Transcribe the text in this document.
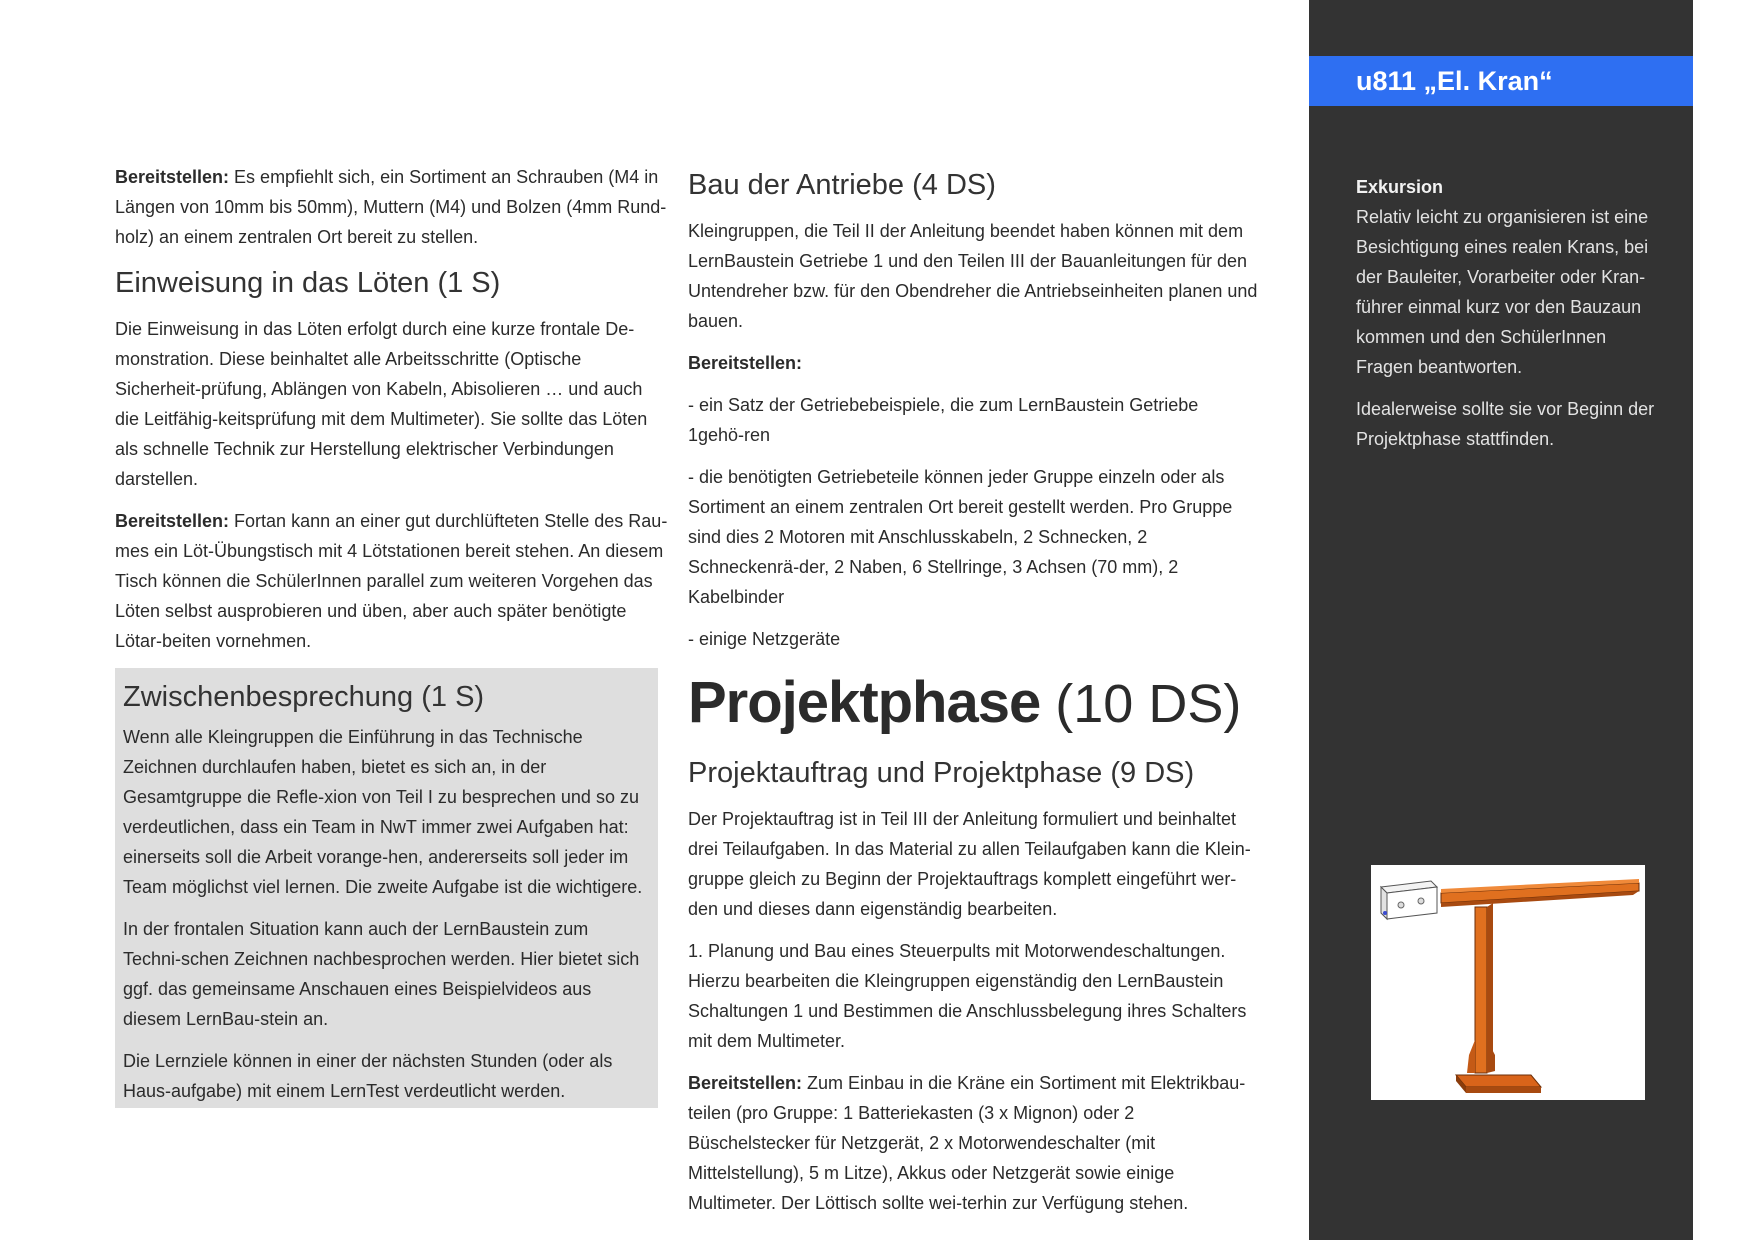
Bereitstellen: Es empfiehlt sich, ein Sortiment an Schrauben (M4 in Längen von 10mm bis 50mm), Muttern (M4) und Bolzen (4mm Rund-holz) an einem zentralen Ort bereit zu stellen.

Einweisung in das Löten (1 S)

Die Einweisung in das Löten erfolgt durch eine kurze frontale De-monstration. Diese beinhaltet alle Arbeitsschritte (Optische Sicherheit-prüfung, Ablängen von Kabeln, Abisolieren … und auch die Leitfähig-keitsprüfung mit dem Multimeter). Sie sollte das Löten als schnelle Technik zur Herstellung elektrischer Verbindungen darstellen.

Bereitstellen: Fortan kann an einer gut durchlüfteten Stelle des Rau-mes ein Löt-Übungstisch mit 4 Lötstationen bereit stehen. An diesem Tisch können die SchülerInnen parallel zum weiteren Vorgehen das Löten selbst ausprobieren und üben, aber auch später benötigte Lötar-beiten vornehmen.

Zwischenbesprechung (1 S)

Wenn alle Kleingruppen die Einführung in das Technische Zeichnen durchlaufen haben, bietet es sich an, in der Gesamtgruppe die Refle-xion von Teil I zu besprechen und so zu verdeutlichen, dass ein Team in NwT immer zwei Aufgaben hat: einerseits soll die Arbeit vorange-hen, andererseits soll jeder im Team möglichst viel lernen. Die zweite Aufgabe ist die wichtigere.

In der frontalen Situation kann auch der LernBaustein zum Techni-schen Zeichnen nachbesprochen werden. Hier bietet sich ggf. das gemeinsame Anschauen eines Beispielvideos aus diesem LernBau-stein an.

Die Lernziele können in einer der nächsten Stunden (oder als Haus-aufgabe) mit einem LernTest verdeutlicht werden.

Bau der Antriebe (4 DS)

Kleingruppen, die Teil II der Anleitung beendet haben können mit dem LernBaustein Getriebe 1 und den Teilen III der Bauanleitungen für den Untendreher bzw. für den Obendreher die Antriebseinheiten planen und bauen.

Bereitstellen:

- ein Satz der Getriebebeispiele, die zum LernBaustein Getriebe 1gehö-ren

- die benötigten Getriebeteile können jeder Gruppe einzeln oder als Sortiment an einem zentralen Ort bereit gestellt werden. Pro Gruppe sind dies 2 Motoren mit Anschlusskabeln, 2 Schnecken, 2 Schneckenrä-der, 2 Naben, 6 Stellringe, 3 Achsen (70 mm), 2 Kabelbinder

- einige Netzgeräte

Projektphase (10 DS)
Projektauftrag und Projektphase (9 DS)

Der Projektauftrag ist in Teil III der Anleitung formuliert und beinhaltet drei Teilaufgaben. In das Material zu allen Teilaufgaben kann die Klein-gruppe gleich zu Beginn der Projektauftrags komplett eingeführt wer-den und dieses dann eigenständig bearbeiten.

1. Planung und Bau eines Steuerpults mit Motorwendeschaltungen. Hierzu bearbeiten die Kleingruppen eigenständig den LernBaustein Schaltungen 1 und Bestimmen die Anschlussbelegung ihres Schalters mit dem Multimeter.

Bereitstellen: Zum Einbau in die Kräne ein Sortiment mit Elektrikbau-teilen (pro Gruppe: 1 Batteriekasten (3 x Mignon) oder 2 Büschelstecker für Netzgerät, 2 x Motorwendeschalter (mit Mittelstellung), 5 m Litze), Akkus oder Netzgerät sowie einige Multimeter. Der Löttisch sollte wei-terhin zur Verfügung stehen.

u811 „El. Kran“

Exkursion
Relativ leicht zu organisieren ist eine Besichtigung eines realen Krans, bei der Bauleiter, Vorarbeiter oder Kran-führer einmal kurz vor den Bauzaun kommen und den SchülerInnen Fragen beantworten.

Idealerweise sollte sie vor Beginn der Projektphase stattfinden.
